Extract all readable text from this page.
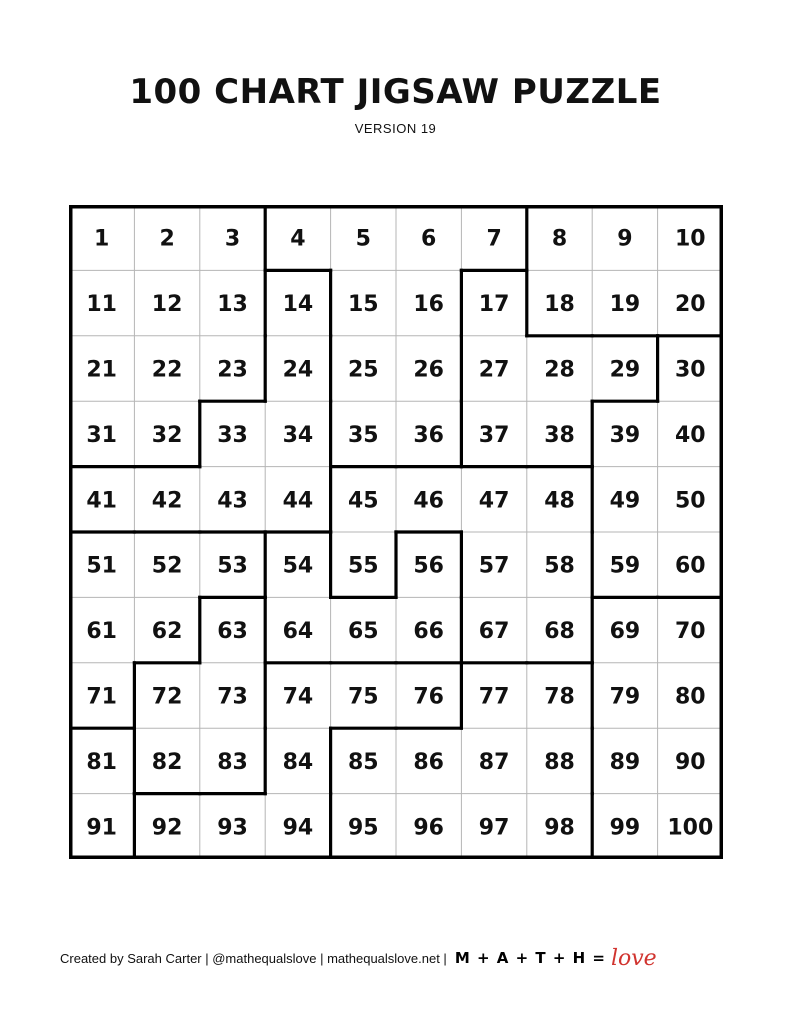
100 CHART JIGSAW PUZZLE
VERSION 19
1 2 3 4 5 6 7 8 9 10
11 12 13 14 15 16 17 18 19 20
21 22 23 24 25 26 27 28 29 30
31 32 33 34 35 36 37 38 39 40
41 42 43 44 45 46 47 48 49 50
51 52 53 54 55 56 57 58 59 60
61 62 63 64 65 66 67 68 69 70
71 72 73 74 75 76 77 78 79 80
81 82 83 84 85 86 87 88 89 90
91 92 93 94 95 96 97 98 99 100
Created by Sarah Carter | @mathequalslove | mathequalslove.net | M + A + T + H = love
